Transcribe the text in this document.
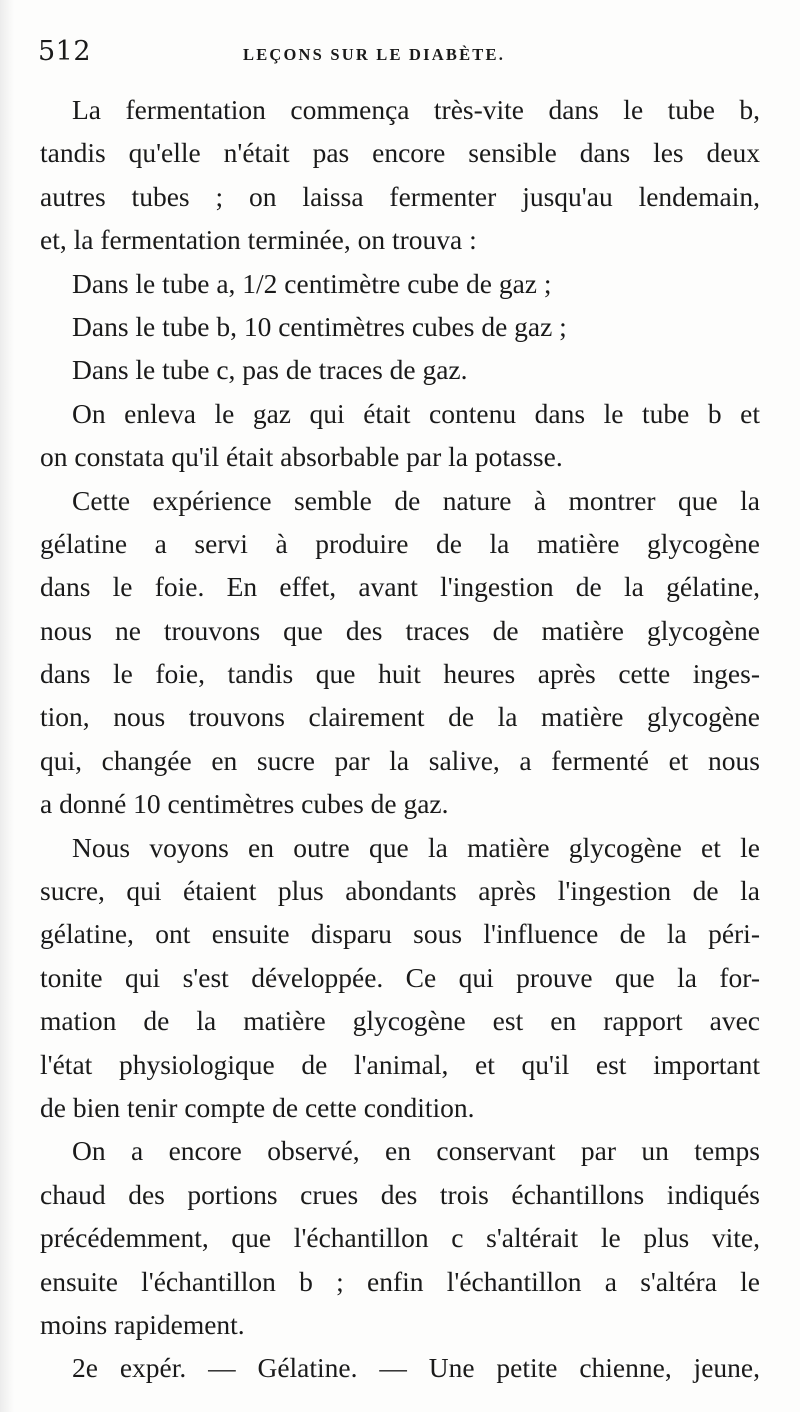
512	LEÇONS SUR LE DIABÈTE.
La fermentation commença très-vite dans le tube b,
tandis qu'elle n'était pas encore sensible dans les deux
autres tubes ; on laissa fermenter jusqu'au lendemain,
et, la fermentation terminée, on trouva :
Dans le tube a, 1/2 centimètre cube de gaz ;
Dans le tube b, 10 centimètres cubes de gaz ;
Dans le tube c, pas de traces de gaz.
On enleva le gaz qui était contenu dans le tube b et
on constata qu'il était absorbable par la potasse.
Cette expérience semble de nature à montrer que la
gélatine a servi à produire de la matière glycogène
dans le foie. En effet, avant l'ingestion de la gélatine,
nous ne trouvons que des traces de matière glycogène
dans le foie, tandis que huit heures après cette inges-
tion, nous trouvons clairement de la matière glycogène
qui, changée en sucre par la salive, a fermenté et nous
a donné 10 centimètres cubes de gaz.
Nous voyons en outre que la matière glycogène et le
sucre, qui étaient plus abondants après l'ingestion de la
gélatine, ont ensuite disparu sous l'influence de la péri-
tonite qui s'est développée. Ce qui prouve que la for-
mation de la matière glycogène est en rapport avec
l'état physiologique de l'animal, et qu'il est important
de bien tenir compte de cette condition.
On a encore observé, en conservant par un temps
chaud des portions crues des trois échantillons indiqués
précédemment, que l'échantillon c s'altérait le plus vite,
ensuite l'échantillon b ; enfin l'échantillon a s'altéra le
moins rapidement.
2e expér. — Gélatine. — Une petite chienne, jeune,
